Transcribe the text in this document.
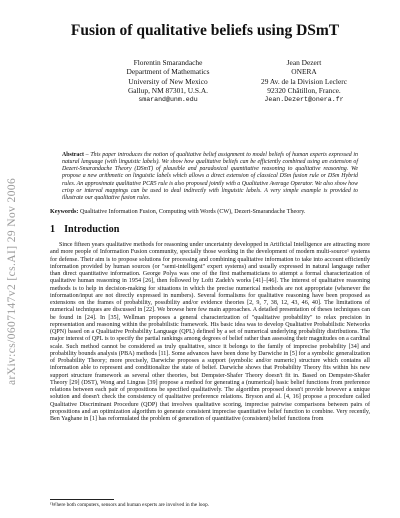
arXiv:cs/0607147v2 [cs.AI] 29 Nov 2006
Fusion of qualitative beliefs using DSmT
Florentin Smarandache
Department of Mathematics
University of New Mexico
Gallup, NM 87301, U.S.A.
smarand@unm.edu
Jean Dezert
ONERA
29 Av. de la Division Leclerc
92320 Châtillon, France.
Jean.Dezert@onera.fr

Abstract – This paper introduces the notion of qualitative belief assignment to model beliefs of human experts expressed in natural language (with linguistic labels). We show how qualitative beliefs can be efficiently combined using an extension of Dezert-Smarandache Theory (DSmT) of plausible and paradoxical quantitative reasoning to qualitative reasoning. We propose a new arithmetic on linguistic labels which allows a direct extension of classical DSm fusion rule or DSm Hybrid rules. An approximate qualitative PCR5 rule is also proposed jointly with a Qualitative Average Operator. We also show how crisp or interval mappings can be used to deal indirectly with linguistic labels. A very simple example is provided to illustrate our qualitative fusion rules.

Keywords: Qualitative Information Fusion, Computing with Words (CW), Dezert-Smarandache Theory.

1 Introduction

Since fifteen years qualitative methods for reasoning under uncertainty developped in Artificial Intelligence are attracting more and more people of Information Fusion community, specially those working in the development of modern multi-source¹ systems for defense. Their aim is to propose solutions for processing and combining qualitative information to take into account efficiently information provided by human sources (or "semi-intelligent" expert systems) and usually expressed in natural language rather than direct quantitative information. George Polya was one of the first mathematicians to attempt a formal characterization of qualitative human reasoning in 1954 [26], then followed by Lofti Zadeh's works [41]–[46]. The interest of qualitative reasoning methods is to help in decision-making for situations in which the precise numerical methods are not appropriate (whenever the information/input are not directly expressed in numbers). Several formalisms for qualitative reasoning have been proposed as extensions on the frames of probability, possibility and/or evidence theories [2, 9, 7, 38, 12, 43, 46, 40]. The limitations of numerical techniques are discussed in [22]. We browse here few main approaches. A detailed presentation of theses techniques can be found in [24]. In [35], Wellman proposes a general characterization of "qualitative probability" to relax precision in representation and reasoning within the probabilistic framework. His basic idea was to develop Qualitative Probabilistic Networks (QPN) based on a Qualitative Probability Language (QPL) defined by a set of numerical underlying probability distributions. The major interest of QPL is to specify the partial rankings among degrees of belief rather than assessing their magnitudes on a cardinal scale. Such method cannot be considered as truly qualitative, since it belongs to the family of imprecise probability [34] and probability bounds analysis (PBA) methods [11]. Some advances have been done by Darwiche in [5] for a symbolic generalization of Probability Theory; more precisely, Darwiche proposes a support (symbolic and/or numeric) structure which contains all information able to represent and conditionalize the state of belief. Darwiche shows that Probability Theory fits within his new support structure framework as several other theories, but Dempster-Shafer Theory doesn't fit in. Based on Dempster-Shafer Theory [29] (DST), Wong and Lingras [39] propose a method for generating a (numerical) basic belief functions from preference relations between each pair of propositions be specified qualitatively. The algorithm proposed doesn't provide however a unique solution and doesn't check the consistency of qualitative preference relations. Bryson and al. [4, 16] propose a procedure called Qualitative Discriminant Procedure (QDP) that involves qualitative scoring, imprecise pairwise comparisons between pairs of propositions and an optimization algorithm to generate consistent imprecise quantitative belief function to combine. Very recently, Ben Yaghane in [1] has reformulated the problem of generation of quantitative (consistent) belief functions from

¹Where both computers, sensors and human experts are involved in the loop.
